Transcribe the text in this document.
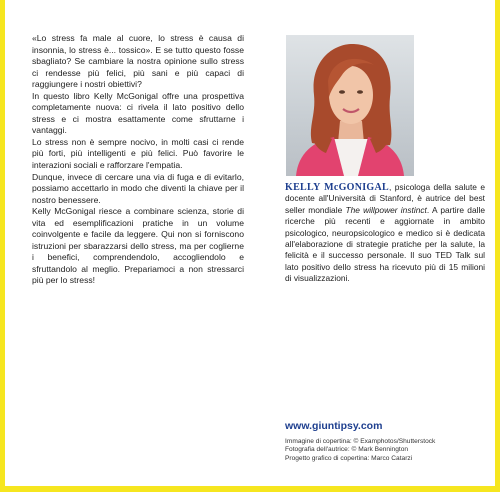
«Lo stress fa male al cuore, lo stress è causa di insonnia, lo stress è... tossico». E se tutto questo fosse sbagliato? Se cambiare la nostra opinione sullo stress ci rendesse più felici, più sani e più capaci di raggiungere i nostri obiettivi?

In questo libro Kelly McGonigal offre una prospettiva completamente nuova: ci rivela il lato positivo dello stress e ci mostra esattamente come sfruttarne i vantaggi.

Lo stress non è sempre nocivo, in molti casi ci rende più forti, più intelligenti e più felici. Può favorire le interazioni sociali e rafforzare l'empatia.

Dunque, invece di cercare una via di fuga e di evitarlo, possiamo accettarlo in modo che diventi la chiave per il nostro benessere.

Kelly McGonigal riesce a combinare scienza, storie di vita ed esemplificazioni pratiche in un volume coinvolgente e facile da leggere. Qui non si forniscono istruzioni per sbarazzarsi dello stress, ma per coglierne i benefici, comprendendolo, accogliendolo e sfruttandolo al meglio. Prepariamoci a non stressarci più per lo stress!

KELLY McGONIGAL, psicologa della salute e docente all'Università di Stanford, è autrice del best seller mondiale The willpower instinct. A partire dalle ricerche più recenti e aggiornate in ambito psicologico, neuropsicologico e medico si è dedicata all'elaborazione di strategie pratiche per la salute, la felicità e il successo personale. Il suo TED Talk sul lato positivo dello stress ha ricevuto più di 15 milioni di visualizzazioni.
www.giuntipsy.com
Immagine di copertina: © Examphotos/Shutterstock
Fotografia dell'autrice: © Mark Bennington
Progetto grafico di copertina: Marco Catarzi
